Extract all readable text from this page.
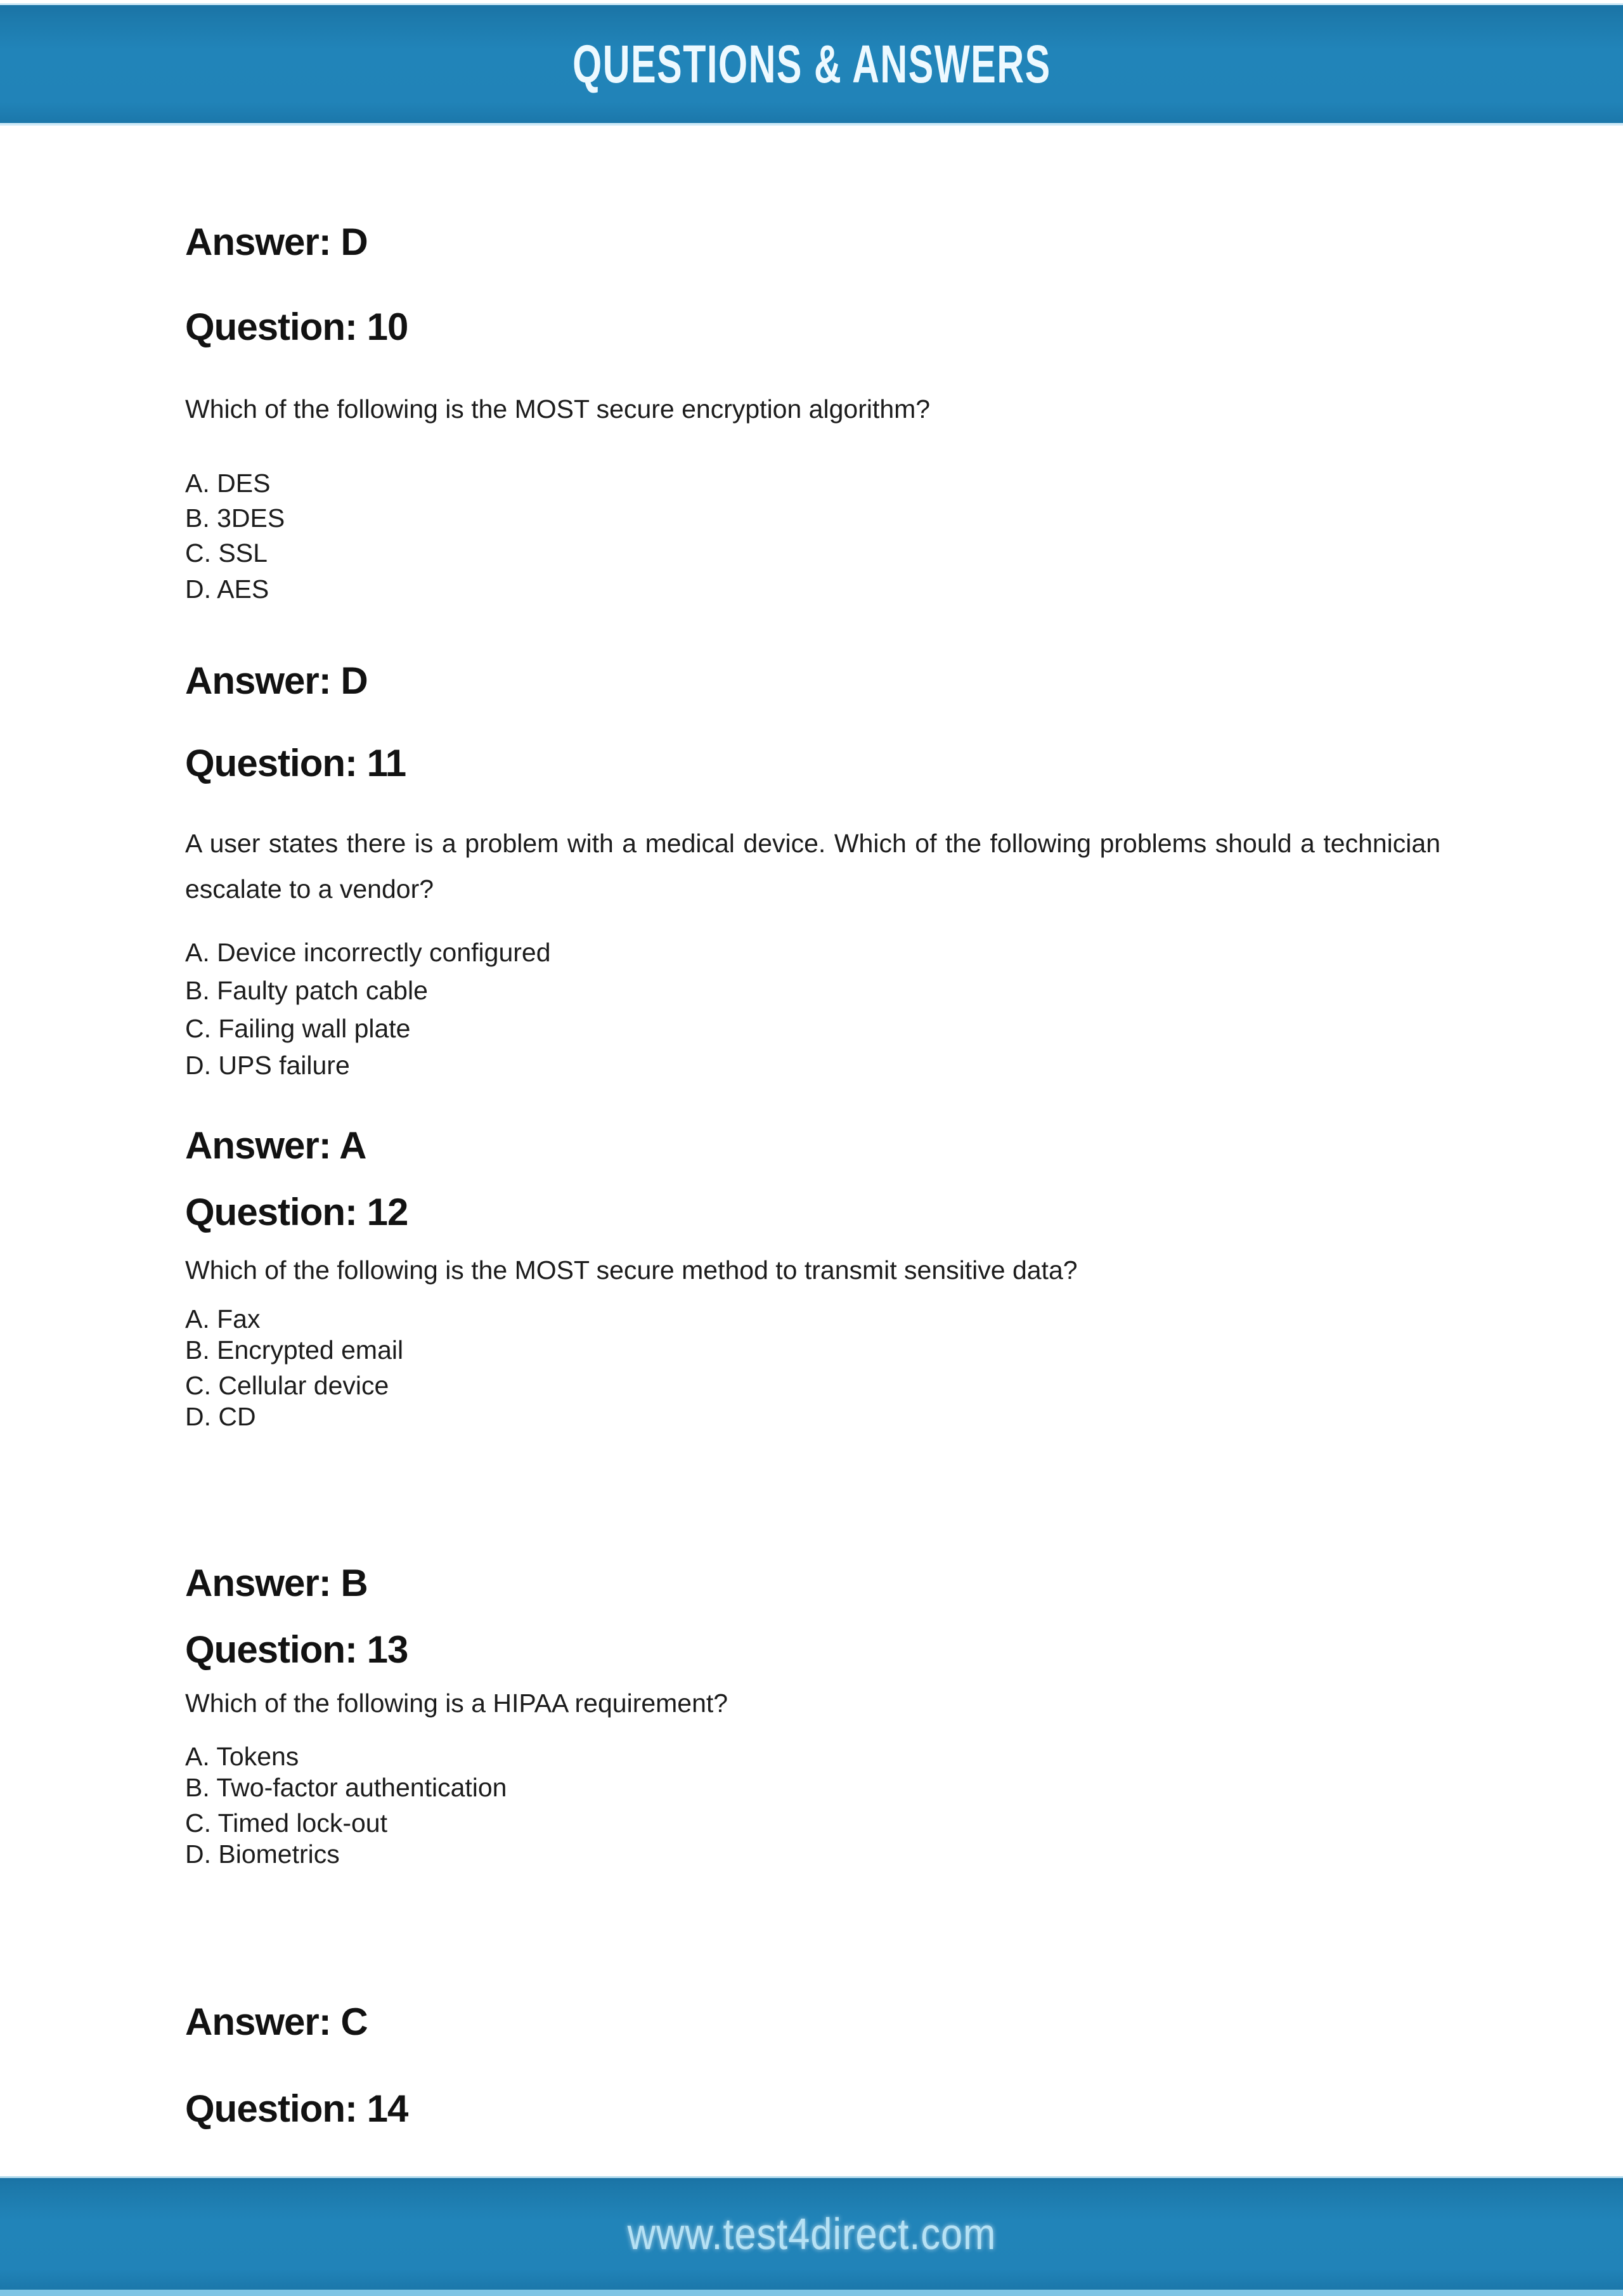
QUESTIONS & ANSWERS
Answer: D
Question: 10
Which of the following is the MOST secure encryption algorithm?
A. DES
B. 3DES
C. SSL
D. AES
Answer: D
Question: 11
A user states there is a problem with a medical device. Which of the following problems should a technician escalate to a vendor?
A. Device incorrectly configured
B. Faulty patch cable
C. Failing wall plate
D. UPS failure
Answer: A
Question: 12
Which of the following is the MOST secure method to transmit sensitive data?
A. Fax
B. Encrypted email
C. Cellular device
D. CD
Answer: B
Question: 13
Which of the following is a HIPAA requirement?
A. Tokens
B. Two-factor authentication
C. Timed lock-out
D. Biometrics
Answer: C
Question: 14
www.test4direct.com
